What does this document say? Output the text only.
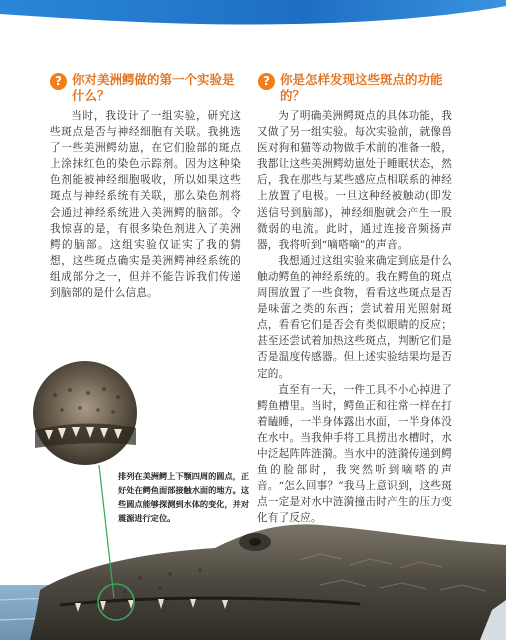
? 你对美洲鳄做的第一个实验是什么？

当时，我设计了一组实验，研究这些斑点是否与神经细胞有关联。我挑选了一些美洲鳄幼崽，在它们脸部的斑点上涂抹红色的染色示踪剂。因为这种染色剂能被神经细胞吸收，所以如果这些斑点与神经系统有关联，那么染色剂将会通过神经系统进入美洲鳄的脑部。令我惊喜的是，有很多染色剂进入了美洲鳄的脑部。这组实验仅证实了我的猜想，这些斑点确实是美洲鳄神经系统的组成部分之一，但并不能告诉我们传递到脑部的是什么信息。

? 你是怎样发现这些斑点的功能的？

为了明确美洲鳄斑点的具体功能，我又做了另一组实验。每次实验前，就像兽医对狗和猫等动物做手术前的准备一般，我都让这些美洲鳄幼崽处于睡眠状态，然后，我在那些与某些感应点相联系的神经上放置了电极。一旦这种经被触动(即发送信号到脑部)，神经细胞就会产生一股微弱的电流。此时，通过连接音频扬声器，我将听到“嘀嗒嘀”的声音。

我想通过这组实验来确定到底是什么触动鳄鱼的神经系统的。我在鳄鱼的斑点周围放置了一些食物，看看这些斑点是否是味蕾之类的东西；尝试着用光照射斑点，看看它们是否会有类似眼睛的反应；甚至还尝试着加热这些斑点，判断它们是否是温度传感器。但上述实验结果均是否定的。

直至有一天，一件工具不小心掉进了鳄鱼槽里。当时，鳄鱼正和往常一样在打着瞌睡，一半身体露出水面，一半身体没在水中。当我伸手将工具捞出水槽时，水中泛起阵阵涟漪。当水中的涟漪传递到鳄鱼的脸部时，我突然听到嘀嗒的声音。“怎么回事？”我马上意识到，这些斑点一定是对水中涟漪撞击时产生的压力变化有了反应。

排列在美洲鳄上下颚四周的圆点，正好处在鳄鱼面部接触水面的地方。这些圆点能够探测到水体的变化，并对震源进行定位。
